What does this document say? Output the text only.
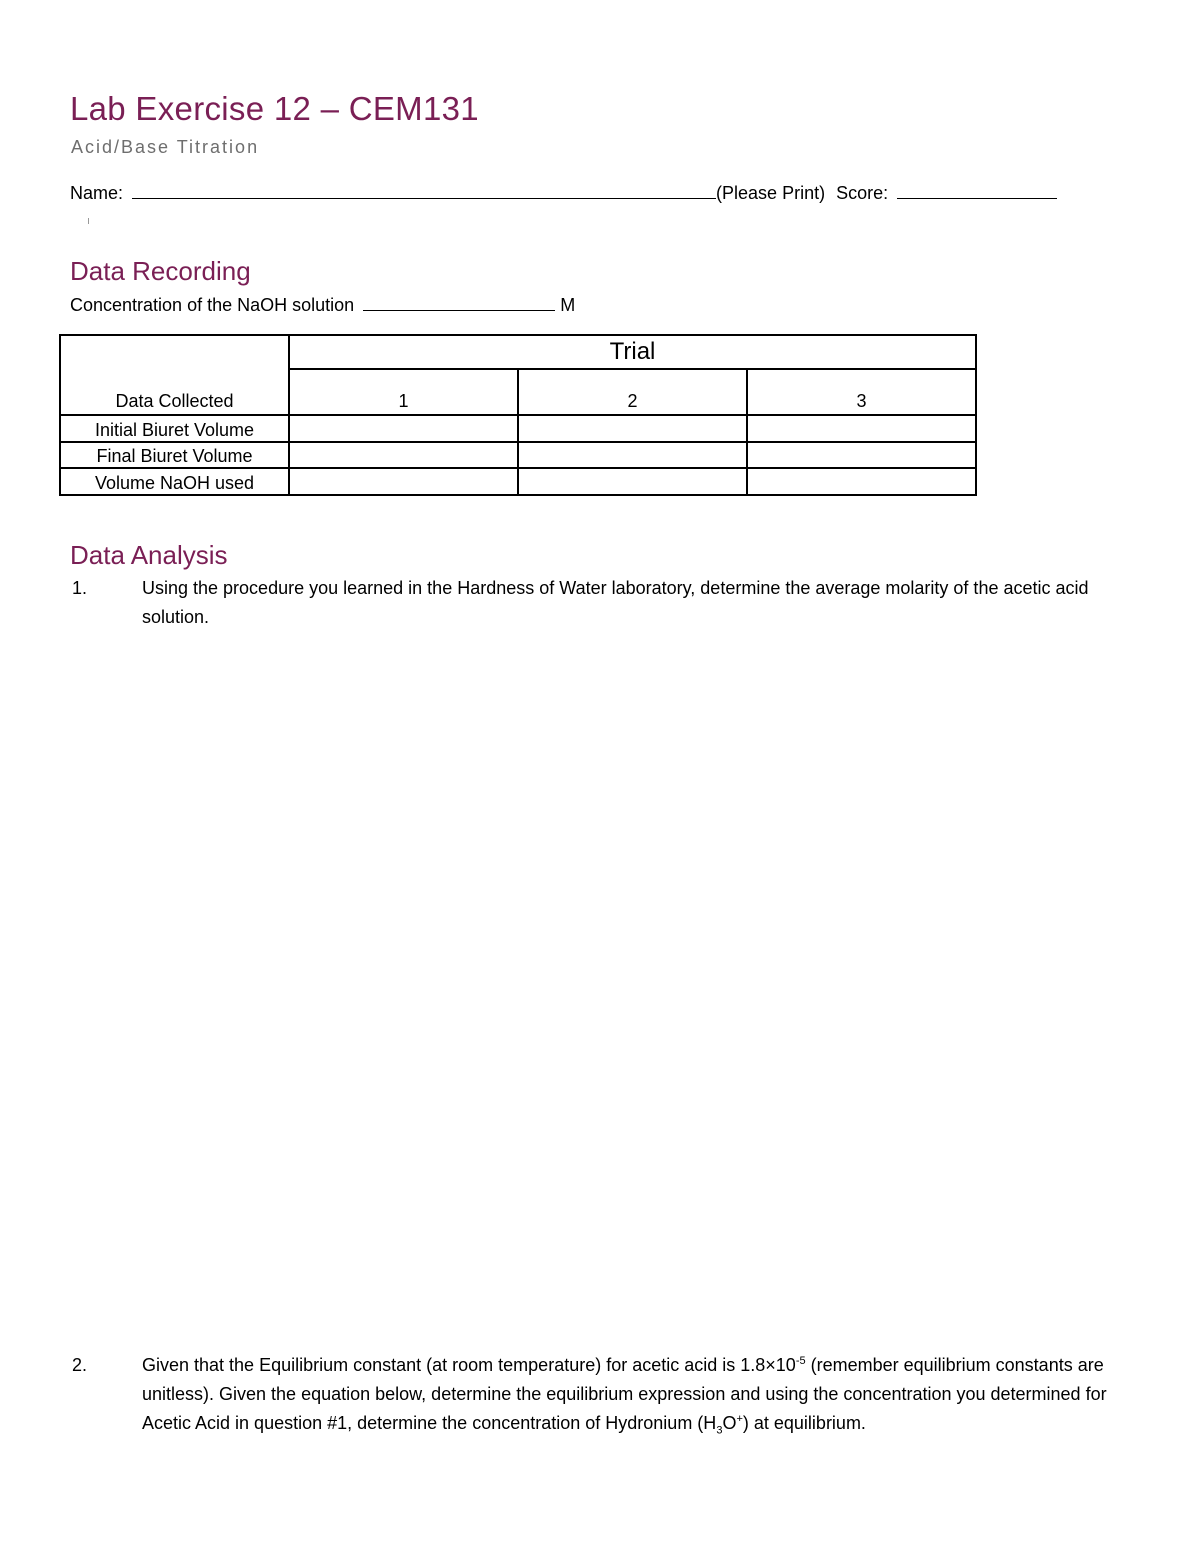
Lab Exercise 12 – CEM131
Acid/Base Titration
Name:	(Please Print) Score:
Data Recording
Concentration of the NaOH solution	M
Data Collected	Trial		
	1	2	3
Initial Biuret Volume			
Final Biuret Volume			
Volume NaOH used			
Data Analysis
1.	Using the procedure you learned in the Hardness of Water laboratory, determine the average molarity of the acetic acid solution.
2.	Given that the Equilibrium constant (at room temperature) for acetic acid is $1.8\times 10^{-5}$ (remember equilibrium constants are unitless). Given the equation below, determine the equilibrium expression and using the concentration you determined for Acetic Acid in question #1, determine the concentration of Hydronium $(H_3O^+)$ at equilibrium.
